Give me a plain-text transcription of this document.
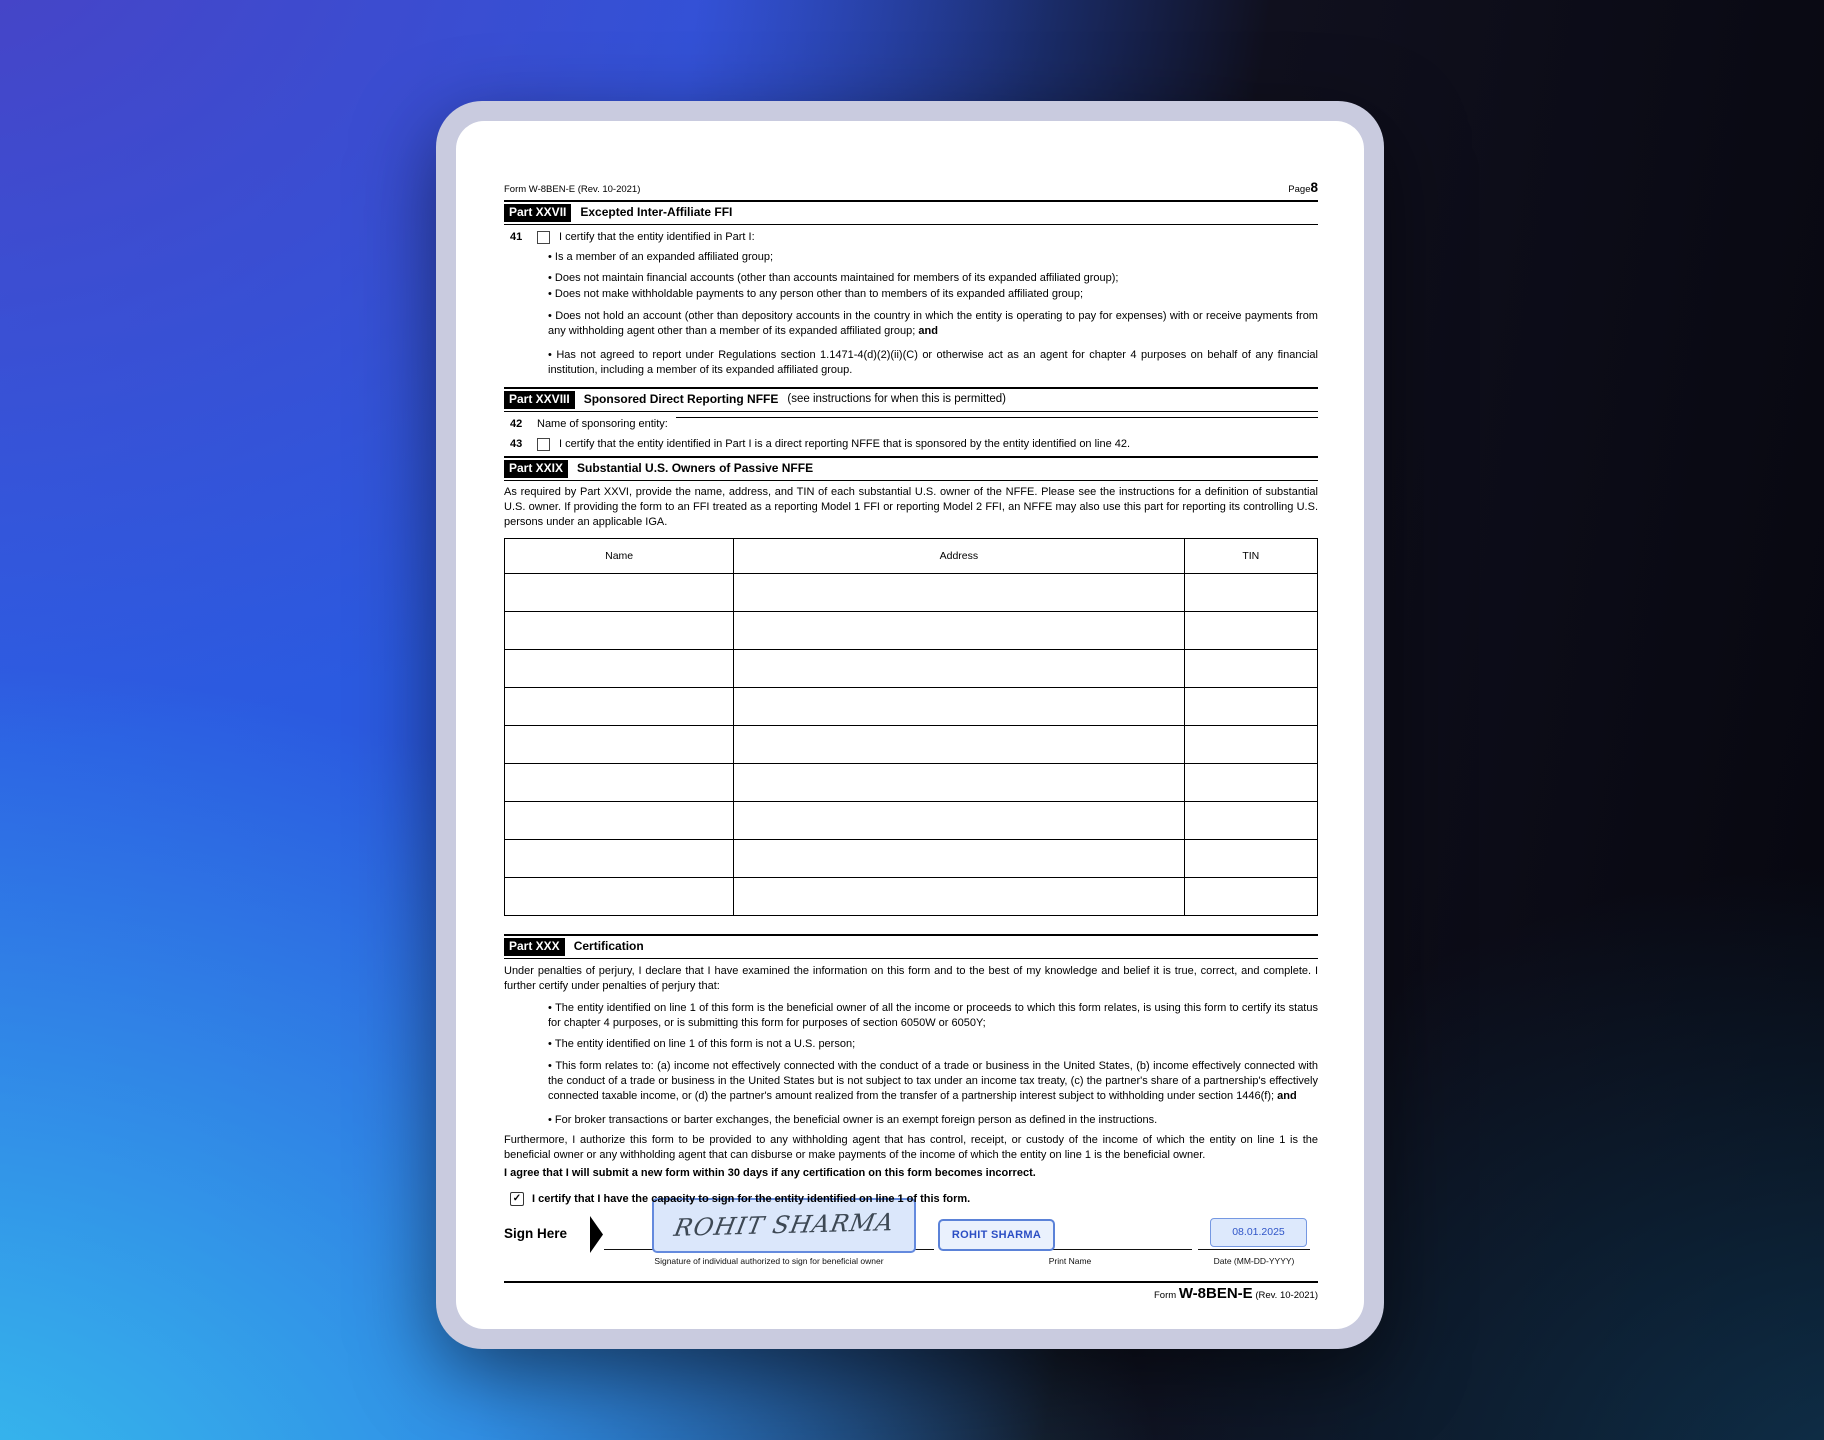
Form W-8BEN-E (Rev. 10-2021)	Page8
Part XXVII	Excepted Inter-Affiliate FFI
41	I certify that the entity identified in Part I:
• Is a member of an expanded affiliated group;
• Does not maintain financial accounts (other than accounts maintained for members of its expanded affiliated group);
• Does not make withholdable payments to any person other than to members of its expanded affiliated group;
• Does not hold an account (other than depository accounts in the country in which the entity is operating to pay for expenses) with or receive payments from any withholding agent other than a member of its expanded affiliated group; and
• Has not agreed to report under Regulations section 1.1471-4(d)(2)(ii)(C) or otherwise act as an agent for chapter 4 purposes on behalf of any financial institution, including a member of its expanded affiliated group.
Part XXVIII	Sponsored Direct Reporting NFFE (see instructions for when this is permitted)
42	Name of sponsoring entity:
43	I certify that the entity identified in Part I is a direct reporting NFFE that is sponsored by the entity identified on line 42.
Part XXIX	Substantial U.S. Owners of Passive NFFE

As required by Part XXVI, provide the name, address, and TIN of each substantial U.S. owner of the NFFE. Please see the instructions for a definition of substantial U.S. owner. If providing the form to an FFI treated as a reporting Model 1 FFI or reporting Model 2 FFI, an NFFE may also use this part for reporting its controlling U.S. persons under an applicable IGA.

Name	Address	TIN

Part XXX	Certification

Under penalties of perjury, I declare that I have examined the information on this form and to the best of my knowledge and belief it is true, correct, and complete. I further certify under penalties of perjury that:

• The entity identified on line 1 of this form is the beneficial owner of all the income or proceeds to which this form relates, is using this form to certify its status for chapter 4 purposes, or is submitting this form for purposes of section 6050W or 6050Y;
• The entity identified on line 1 of this form is not a U.S. person;
• This form relates to: (a) income not effectively connected with the conduct of a trade or business in the United States, (b) income effectively connected with the conduct of a trade or business in the United States but is not subject to tax under an income tax treaty, (c) the partner's share of a partnership's effectively connected taxable income, or (d) the partner's amount realized from the transfer of a partnership interest subject to withholding under section 1446(f); and
• For broker transactions or barter exchanges, the beneficial owner is an exempt foreign person as defined in the instructions.

Furthermore, I authorize this form to be provided to any withholding agent that has control, receipt, or custody of the income of which the entity on line 1 is the beneficial owner or any withholding agent that can disburse or make payments of the income of which the entity on line 1 is the beneficial owner.

I agree that I will submit a new form within 30 days if any certification on this form becomes incorrect.

✓ I certify that I have the capacity to sign for the entity identified on line 1 of this form.
Sign Here	ROHIT SHARMA	ROHIT SHARMA	08.01.2025
Signature of individual authorized to sign for beneficial owner	Print Name	Date (MM-DD-YYYY)
Form W-8BEN-E (Rev. 10-2021)
